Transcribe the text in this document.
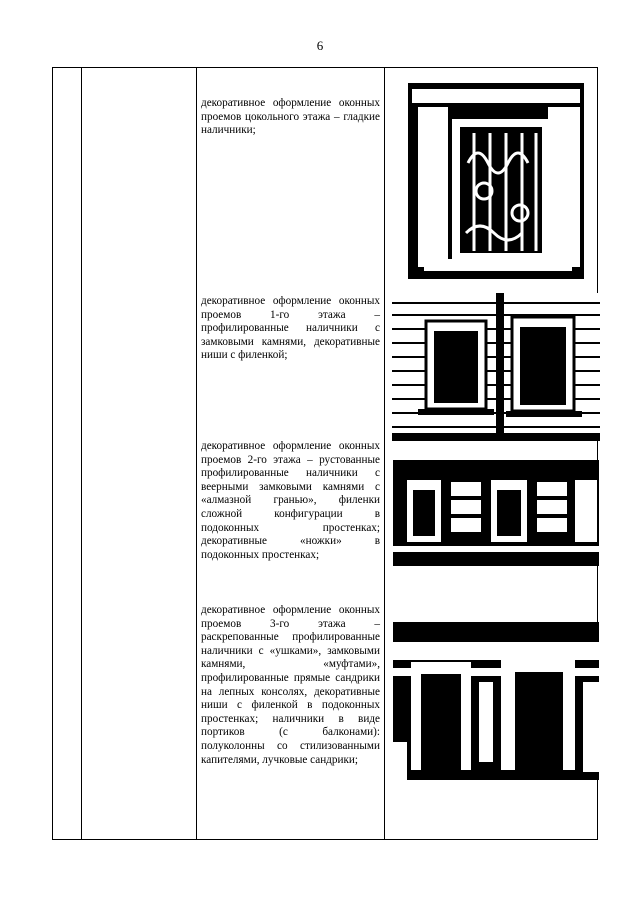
6
декоративное оформление оконных проемов цокольного этажа – гладкие наличники;
декоративное оформление оконных проемов 1-го этажа – профилированные наличники с замковыми камнями, декоративные ниши с филенкой;
декоративное оформление оконных проемов 2-го этажа – рустованные профилированные наличники с веерными замковыми камнями с «алмазной гранью», филенки сложной конфигурации в подоконных простенках; декоративные «ножки» в подоконных простенках;
декоративное оформление оконных проемов 3-го этажа – раскрепованные профилированные наличники с «ушками», замковыми камнями, «муфтами», профилированные прямые сандрики на лепных консолях, декоративные ниши с филенкой в подоконных простенках; наличники в виде портиков (с балконами): полуколонны со стилизованными капителями, лучковые сандрики;
